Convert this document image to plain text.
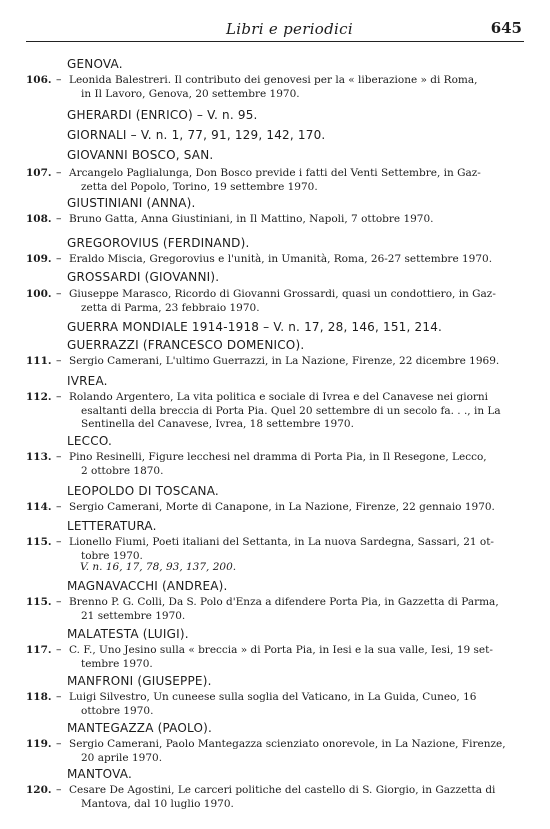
Libri e periodici	645
GENOVA.
106. – Leonida Balestreri. Il contributo dei genovesi per la « liberazione » di Roma,
in Il Lavoro, Genova, 20 settembre 1970.
GHERARDI (ENRICO) – V. n. 95.
GIORNALI – V. n. 1, 77, 91, 129, 142, 170.
GIOVANNI BOSCO, SAN.
107. – Arcangelo Paglialunga, Don Bosco previde i fatti del Venti Settembre, in Gaz-
zetta del Popolo, Torino, 19 settembre 1970.
GIUSTINIANI (ANNA).
108. – Bruno Gatta, Anna Giustiniani, in Il Mattino, Napoli, 7 ottobre 1970.
GREGOROVIUS (FERDINAND).
109. – Eraldo Miscia, Gregorovius e l'unità, in Umanità, Roma, 26-27 settembre 1970.
GROSSARDI (GIOVANNI).
100. – Giuseppe Marasco, Ricordo di Giovanni Grossardi, quasi un condottiero, in Gaz-
zetta di Parma, 23 febbraio 1970.
GUERRA MONDIALE 1914-1918 – V. n. 17, 28, 146, 151, 214.
GUERRAZZI (FRANCESCO DOMENICO).
111. – Sergio Camerani, L'ultimo Guerrazzi, in La Nazione, Firenze, 22 dicembre 1969.
IVREA.
112. – Rolando Argentero, La vita politica e sociale di Ivrea e del Canavese nei giorni
esaltanti della breccia di Porta Pia. Quel 20 settembre di un secolo fa. . ., in La
Sentinella del Canavese, Ivrea, 18 settembre 1970.
LECCO.
113. – Pino Resinelli, Figure lecchesi nel dramma di Porta Pia, in Il Resegone, Lecco,
2 ottobre 1870.
LEOPOLDO DI TOSCANA.
114. – Sergio Camerani, Morte di Canapone, in La Nazione, Firenze, 22 gennaio 1970.
LETTERATURA.
115. – Lionello Fiumi, Poeti italiani del Settanta, in La nuova Sardegna, Sassari, 21 ot-
tobre 1970.
V. n. 16, 17, 78, 93, 137, 200.
MAGNAVACCHI (ANDREA).
115. – Brenno P. G. Colli, Da S. Polo d'Enza a difendere Porta Pia, in Gazzetta di Parma,
21 settembre 1970.
MALATESTA (LUIGI).
117. – C. F., Uno Jesino sulla « breccia » di Porta Pia, in Iesi e la sua valle, Iesi, 19 set-
tembre 1970.
MANFRONI (GIUSEPPE).
118. – Luigi Silvestro, Un cuneese sulla soglia del Vaticano, in La Guida, Cuneo, 16
ottobre 1970.
MANTEGAZZA (PAOLO).
119. – Sergio Camerani, Paolo Mantegazza scienziato onorevole, in La Nazione, Firenze,
20 aprile 1970.
MANTOVA.
120. – Cesare De Agostini, Le carceri politiche del castello di S. Giorgio, in Gazzetta di
Mantova, dal 10 luglio 1970.
